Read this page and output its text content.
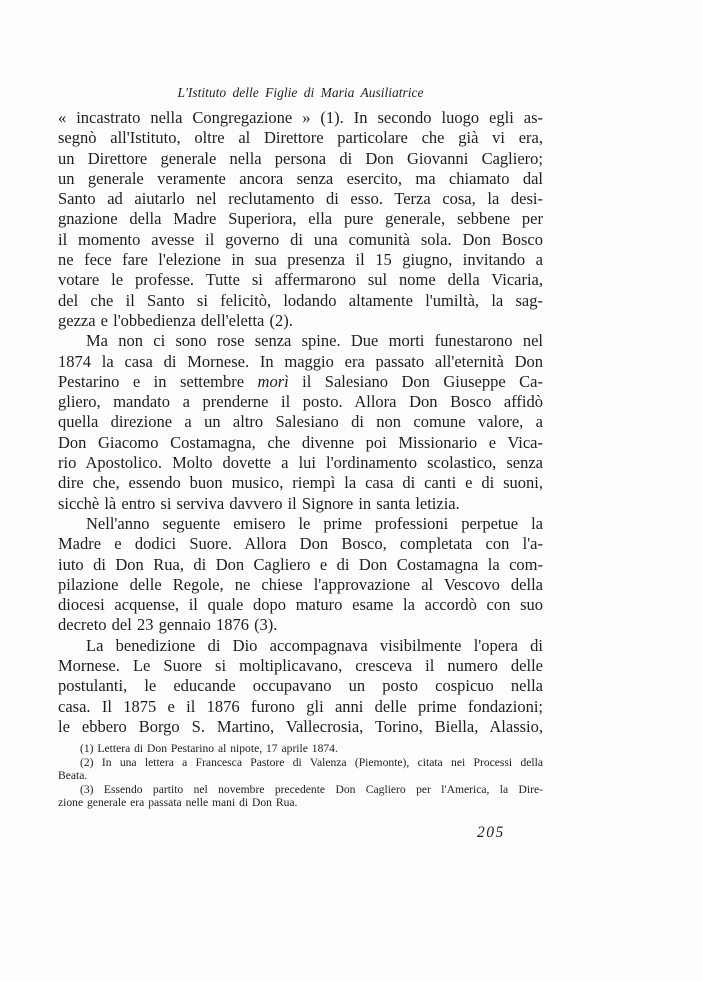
L'Istituto delle Figlie di Maria Ausiliatrice
« incastrato nella Congregazione » (1). In secondo luogo egli as-
segnò all'Istituto, oltre al Direttore particolare che già vi era,
un Direttore generale nella persona di Don Giovanni Cagliero;
un generale veramente ancora senza esercito, ma chiamato dal
Santo ad aiutarlo nel reclutamento di esso. Terza cosa, la desi-
gnazione della Madre Superiora, ella pure generale, sebbene per
il momento avesse il governo di una comunità sola. Don Bosco
ne fece fare l'elezione in sua presenza il 15 giugno, invitando a
votare le professe. Tutte si affermarono sul nome della Vicaria,
del che il Santo si felicitò, lodando altamente l'umiltà, la sag-
gezza e l'obbedienza dell'eletta (2).
Ma non ci sono rose senza spine. Due morti funestarono nel
1874 la casa di Mornese. In maggio era passato all'eternità Don
Pestarino e in settembre morì il Salesiano Don Giuseppe Ca-
gliero, mandato a prenderne il posto. Allora Don Bosco affidò
quella direzione a un altro Salesiano di non comune valore, a
Don Giacomo Costamagna, che divenne poi Missionario e Vica-
rio Apostolico. Molto dovette a lui l'ordinamento scolastico, senza
dire che, essendo buon musico, riempì la casa di canti e di suoni,
sicchè là entro si serviva davvero il Signore in santa letizia.
Nell'anno seguente emisero le prime professioni perpetue la
Madre e dodici Suore. Allora Don Bosco, completata con l'a-
iuto di Don Rua, di Don Cagliero e di Don Costamagna la com-
pilazione delle Regole, ne chiese l'approvazione al Vescovo della
diocesi acquense, il quale dopo maturo esame la accordò con suo
decreto del 23 gennaio 1876 (3).
La benedizione di Dio accompagnava visibilmente l'opera di
Mornese. Le Suore si moltiplicavano, cresceva il numero delle
postulanti, le educande occupavano un posto cospicuo nella
casa. Il 1875 e il 1876 furono gli anni delle prime fondazioni;
le ebbero Borgo S. Martino, Vallecrosia, Torino, Biella, Alassio,
(1) Lettera di Don Pestarino al nipote, 17 aprile 1874.
(2) In una lettera a Francesca Pastore di Valenza (Piemonte), citata nei Processi della
Beata.
(3) Essendo partito nel novembre precedente Don Cagliero per l'America, la Dire-
zione generale era passata nelle mani di Don Rua.
205
